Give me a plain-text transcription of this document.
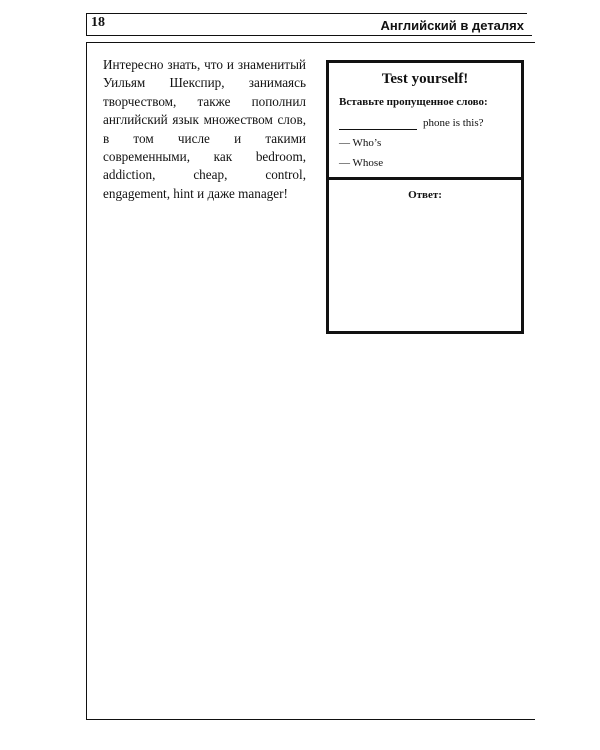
18	Английский в деталях

Интересно знать, что и знаменитый Уильям Шекспир, занимаясь творчеством, также пополнил английский язык множеством слов, в том числе и такими современными, как bedroom, addiction, cheap, control, engagement, hint и даже manager!

Test yourself!
Вставьте пропущенное слово:
phone is this?
— Who’s
— Whose
Ответ:
